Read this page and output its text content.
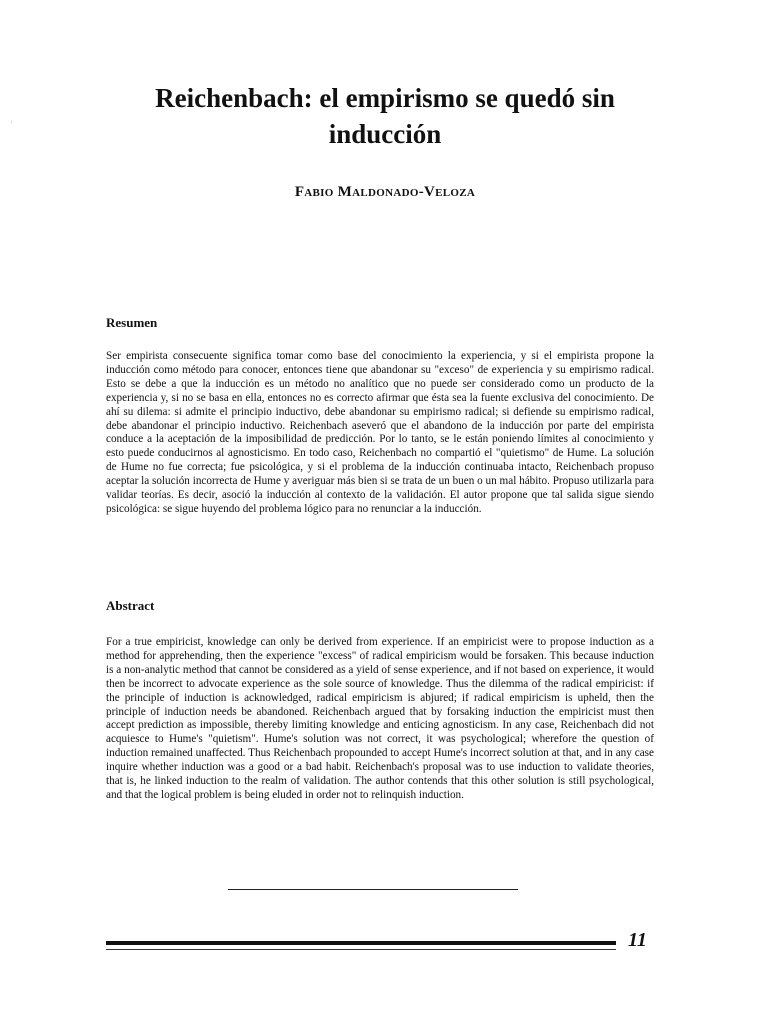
·
Reichenbach: el empirismo se quedó sin inducción
Fabio Maldonado-Veloza
Resumen

Ser empirista consecuente significa tomar como base del conocimiento la experiencia, y si el empirista propone la inducción como método para conocer, entonces tiene que abandonar su "exceso" de experiencia y su empirismo radical. Esto se debe a que la inducción es un método no analítico que no puede ser considerado como un producto de la experiencia y, si no se basa en ella, entonces no es correcto afirmar que ésta sea la fuente exclusiva del conocimiento. De ahí su dilema: si admite el principio inductivo, debe abandonar su empirismo radical; si defiende su empirismo radical, debe abandonar el principio inductivo. Reichenbach aseveró que el abandono de la inducción por parte del empirista conduce a la aceptación de la imposibilidad de predicción. Por lo tanto, se le están poniendo límites al conocimiento y esto puede conducirnos al agnosticismo. En todo caso, Reichenbach no compartió el "quietismo" de Hume. La solución de Hume no fue correcta; fue psicológica, y si el problema de la inducción continuaba intacto, Reichenbach propuso aceptar la solución incorrecta de Hume y averiguar más bien si se trata de un buen o un mal hábito. Propuso utilizarla para validar teorías. Es decir, asoció la inducción al contexto de la validación. El autor propone que tal salida sigue siendo psicológica: se sigue huyendo del problema lógico para no renunciar a la inducción.

Abstract

For a true empiricist, knowledge can only be derived from experience. If an empiricist were to propose induction as a method for apprehending, then the experience "excess" of radical empiricism would be forsaken. This because induction is a non-analytic method that cannot be considered as a yield of sense experience, and if not based on experience, it would then be incorrect to advocate experience as the sole source of knowledge. Thus the dilemma of the radical empiricist: if the principle of induction is acknowledged, radical empiricism is abjured; if radical empiricism is upheld, then the principle of induction needs be abandoned. Reichenbach argued that by forsaking induction the empiricist must then accept prediction as impossible, thereby limiting knowledge and enticing agnosticism. In any case, Reichenbach did not acquiesce to Hume's "quietism". Hume's solution was not correct, it was psychological; wherefore the question of induction remained unaffected. Thus Reichenbach propounded to accept Hume's incorrect solution at that, and in any case inquire whether induction was a good or a bad habit. Reichenbach's proposal was to use induction to validate theories, that is, he linked induction to the realm of validation. The author contends that this other solution is still psychological, and that the logical problem is being eluded in order not to relinquish induction.

11
